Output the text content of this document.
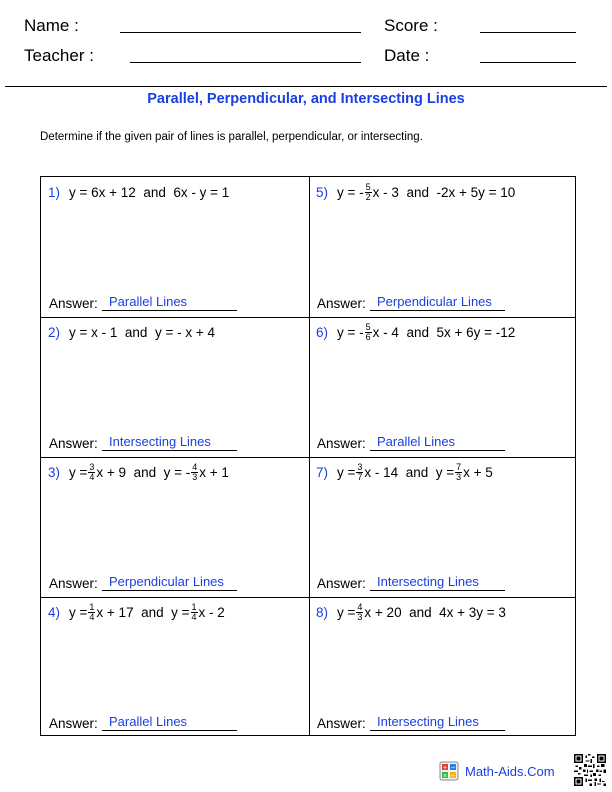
Name :	Score :
Teacher :	Date :
Parallel, Perpendicular, and Intersecting Lines
Determine if the given pair of lines is parallel, perpendicular, or intersecting.
1) y = 6x + 12 and 6x - y = 1
Answer: Parallel Lines
5) y = - $\frac{5}{2}$ x - 3 and -2x + 5y = 10
Answer: Perpendicular Lines
2) y = x - 1 and y = - x + 4
Answer: Intersecting Lines
6) y = - $\frac{5}{6}$ x - 4 and 5x + 6y = -12
Answer: Parallel Lines
3) $y = \frac{3}{4}$ x + 9 and y = - $\frac{4}{3}$ x + 1
Answer: Perpendicular Lines
7) $y = \frac{3}{7}$ x - 14 and $y = \frac{7}{3}$ x + 5
Answer: Intersecting Lines
4) $y = \frac{1}{4}$ x + 17 and $y = \frac{1}{4}$ x - 2
Answer: Parallel Lines
8) $y = \frac{4}{3}$ x + 20 and 4x + 3y = 3
Answer: Intersecting Lines
+ −
× ÷ Math-Aids.Com
